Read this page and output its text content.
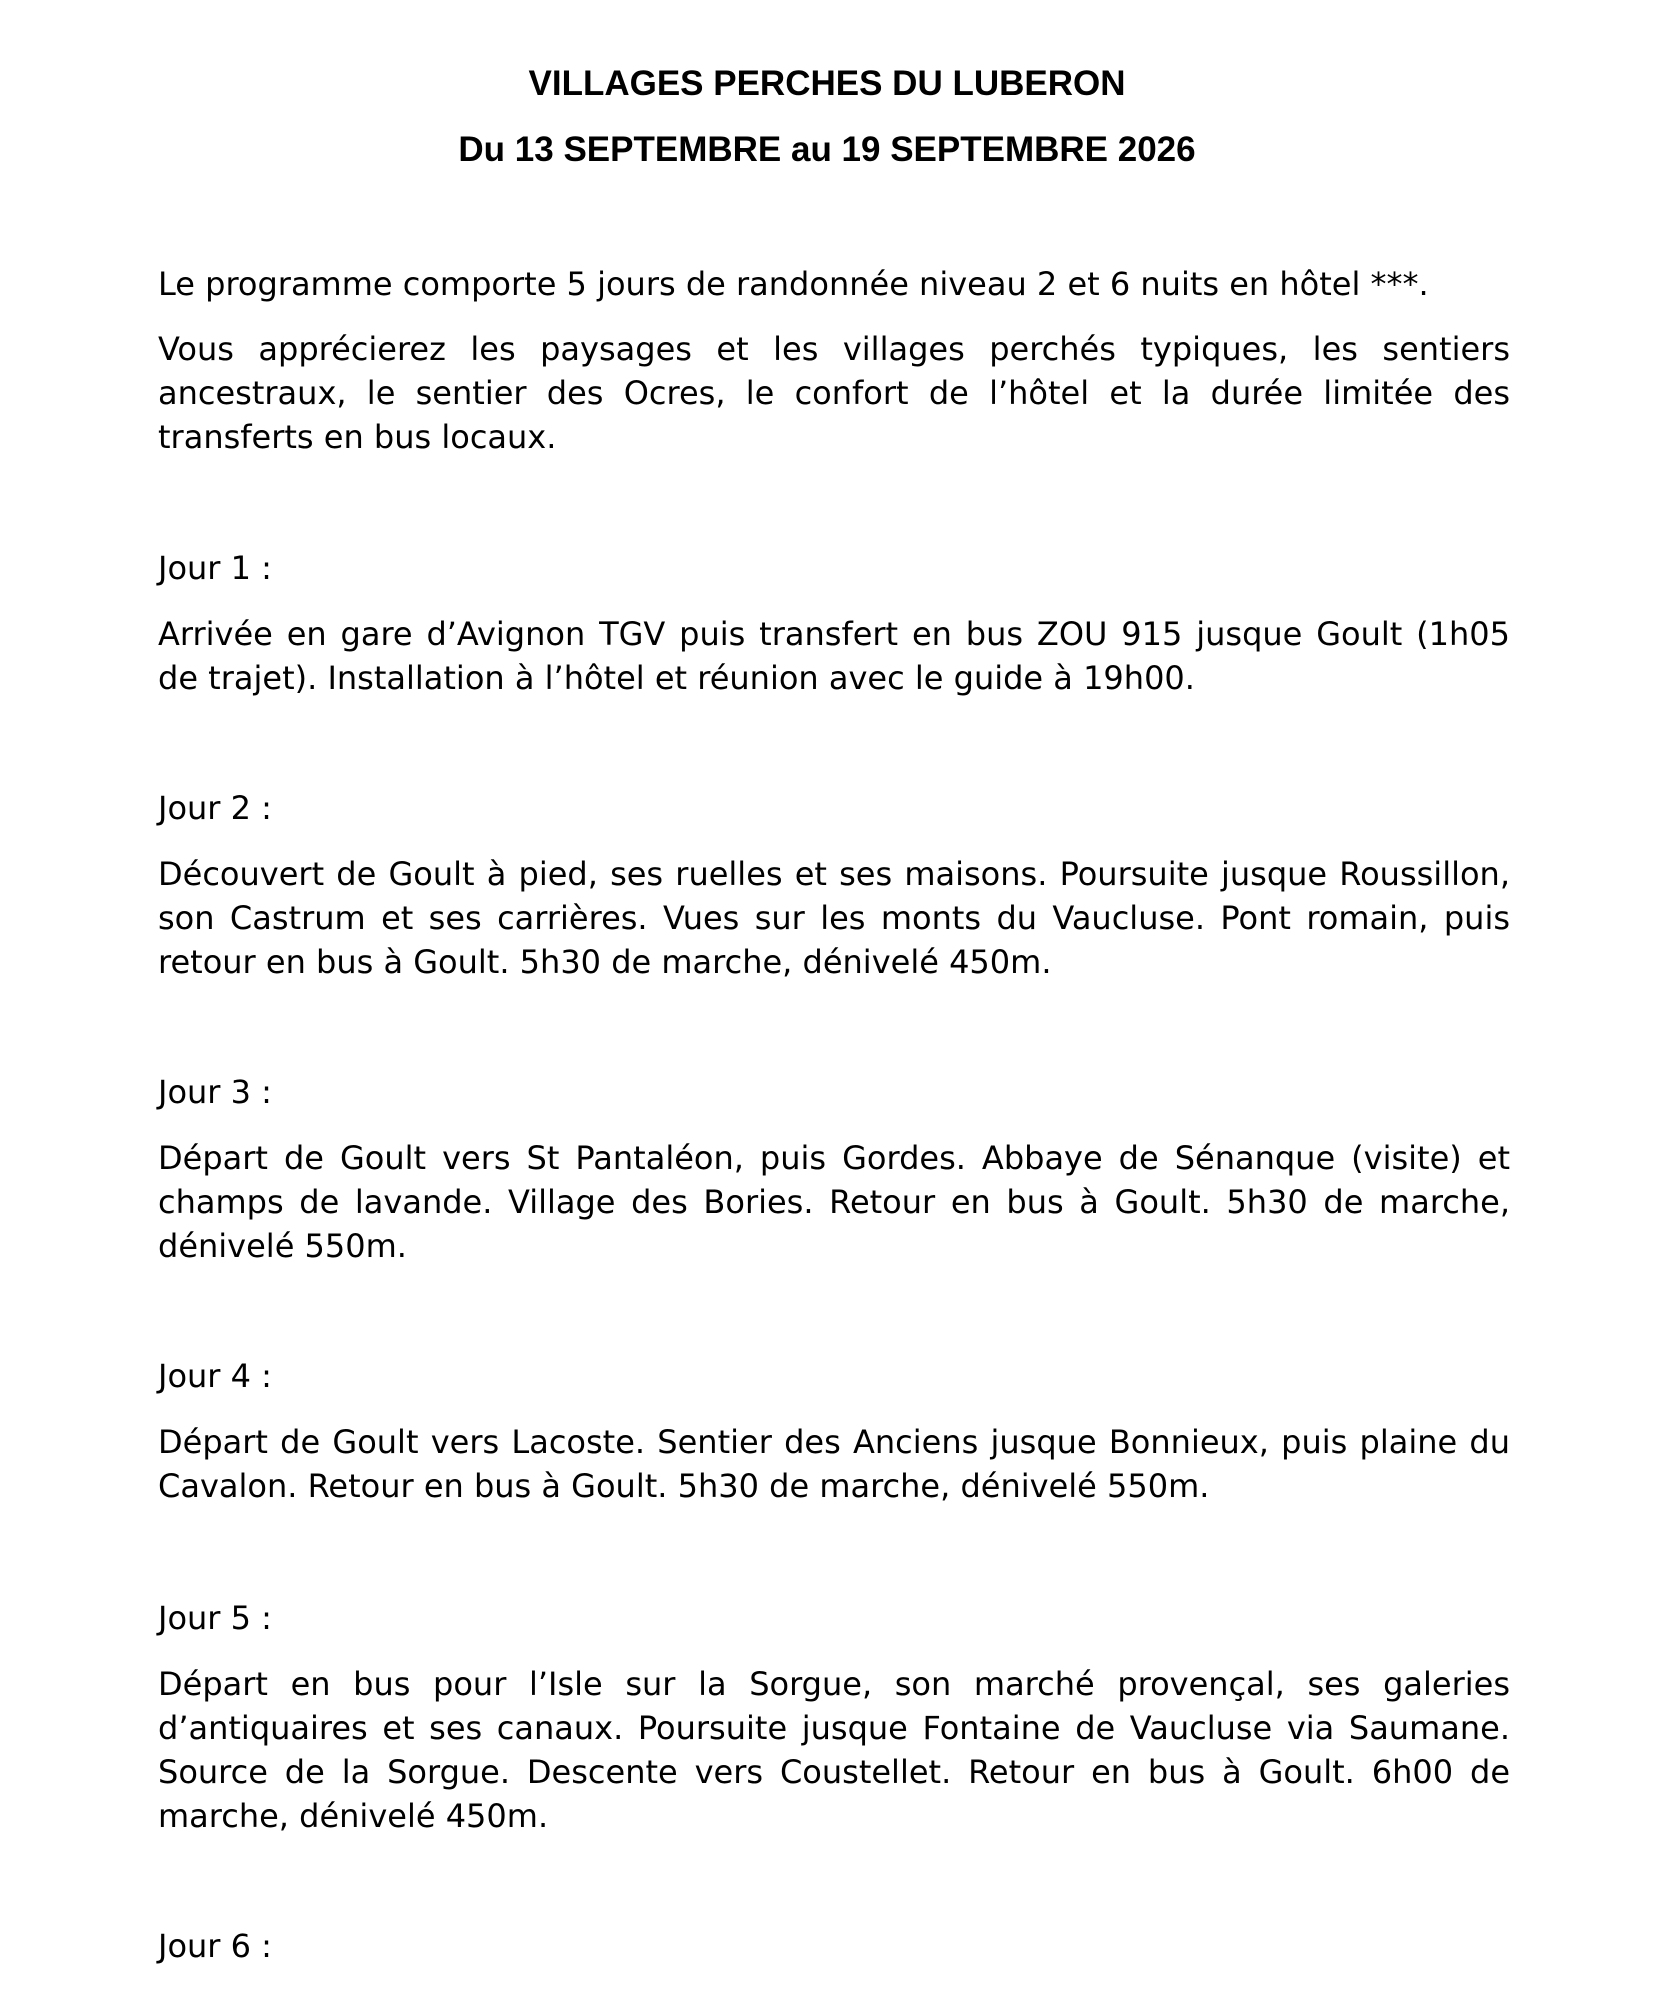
VILLAGES PERCHES DU LUBERON
Du 13 SEPTEMBRE au 19 SEPTEMBRE 2026

Le programme comporte 5 jours de randonnée niveau 2 et 6 nuits en hôtel ***.

Vous apprécierez les paysages et les villages perchés typiques, les sentiers ancestraux, le sentier des Ocres, le confort de l’hôtel et la durée limitée des transferts en bus locaux.

Jour 1 :

Arrivée en gare d’Avignon TGV puis transfert en bus ZOU 915 jusque Goult (1h05 de trajet). Installation à l’hôtel et réunion avec le guide à 19h00.

Jour 2 :

Découvert de Goult à pied, ses ruelles et ses maisons. Poursuite jusque Roussillon, son Castrum et ses carrières. Vues sur les monts du Vaucluse. Pont romain, puis retour en bus à Goult. 5h30 de marche, dénivelé 450m.

Jour 3 :

Départ de Goult vers St Pantaléon, puis Gordes. Abbaye de Sénanque (visite) et champs de lavande. Village des Bories. Retour en bus à Goult. 5h30 de marche, dénivelé 550m.

Jour 4 :

Départ de Goult vers Lacoste. Sentier des Anciens jusque Bonnieux, puis plaine du Cavalon. Retour en bus à Goult. 5h30 de marche, dénivelé 550m.

Jour 5 :

Départ en bus pour l’Isle sur la Sorgue, son marché provençal, ses galeries d’antiquaires et ses canaux. Poursuite jusque Fontaine de Vaucluse via Saumane. Source de la Sorgue. Descente vers Coustellet. Retour en bus à Goult. 6h00 de marche, dénivelé 450m.

Jour 6 :
